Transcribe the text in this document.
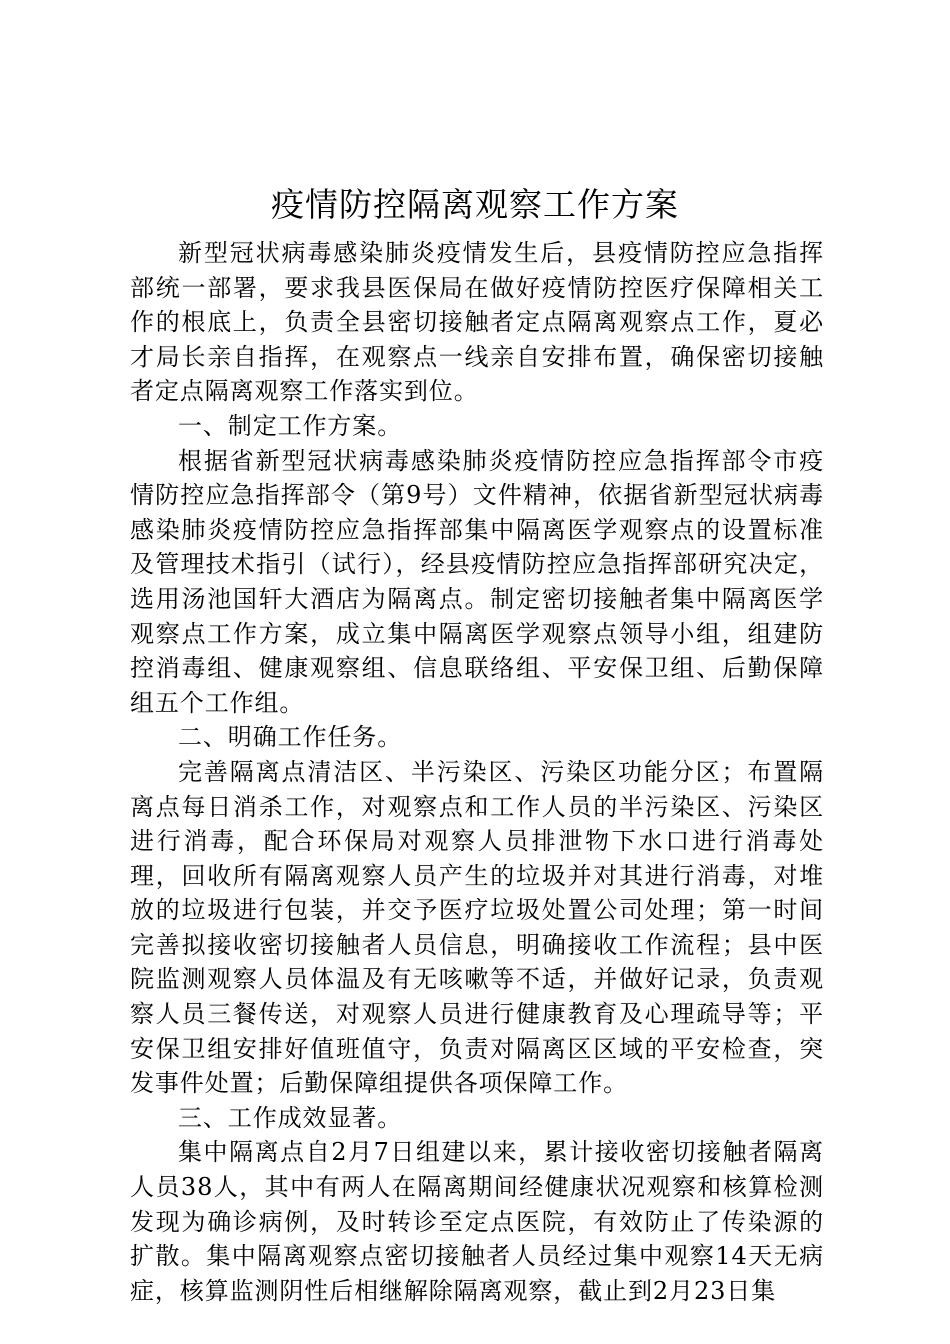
疫情防控隔离观察工作方案

新型冠状病毒感染肺炎疫情发生后，县疫情防控应急指挥部统一部署，要求我县医保局在做好疫情防控医疗保障相关工作的根底上，负责全县密切接触者定点隔离观察点工作，夏必才局长亲自指挥，在观察点一线亲自安排布置，确保密切接触者定点隔离观察工作落实到位。

一、制定工作方案。

根据省新型冠状病毒感染肺炎疫情防控应急指挥部令市疫情防控应急指挥部令（第9号）文件精神，依据省新型冠状病毒感染肺炎疫情防控应急指挥部集中隔离医学观察点的设置标准及管理技术指引（试行），经县疫情防控应急指挥部研究决定，选用汤池国轩大酒店为隔离点。制定密切接触者集中隔离医学观察点工作方案，成立集中隔离医学观察点领导小组，组建防控消毒组、健康观察组、信息联络组、平安保卫组、后勤保障组五个工作组。

二、明确工作任务。

完善隔离点清洁区、半污染区、污染区功能分区；布置隔离点每日消杀工作，对观察点和工作人员的半污染区、污染区进行消毒，配合环保局对观察人员排泄物下水口进行消毒处理，回收所有隔离观察人员产生的垃圾并对其进行消毒，对堆放的垃圾进行包装，并交予医疗垃圾处置公司处理；第一时间完善拟接收密切接触者人员信息，明确接收工作流程；县中医院监测观察人员体温及有无咳嗽等不适，并做好记录，负责观察人员三餐传送，对观察人员进行健康教育及心理疏导等；平安保卫组安排好值班值守，负责对隔离区区域的平安检查，突发事件处置；后勤保障组提供各项保障工作。

三、工作成效显著。

集中隔离点自2月7日组建以来，累计接收密切接触者隔离人员38人，其中有两人在隔离期间经健康状况观察和核算检测发现为确诊病例，及时转诊至定点医院，有效防止了传染源的扩散。集中隔离观察点密切接触者人员经过集中观察14天无病症，核算监测阴性后相继解除隔离观察，截止到2月23日集
